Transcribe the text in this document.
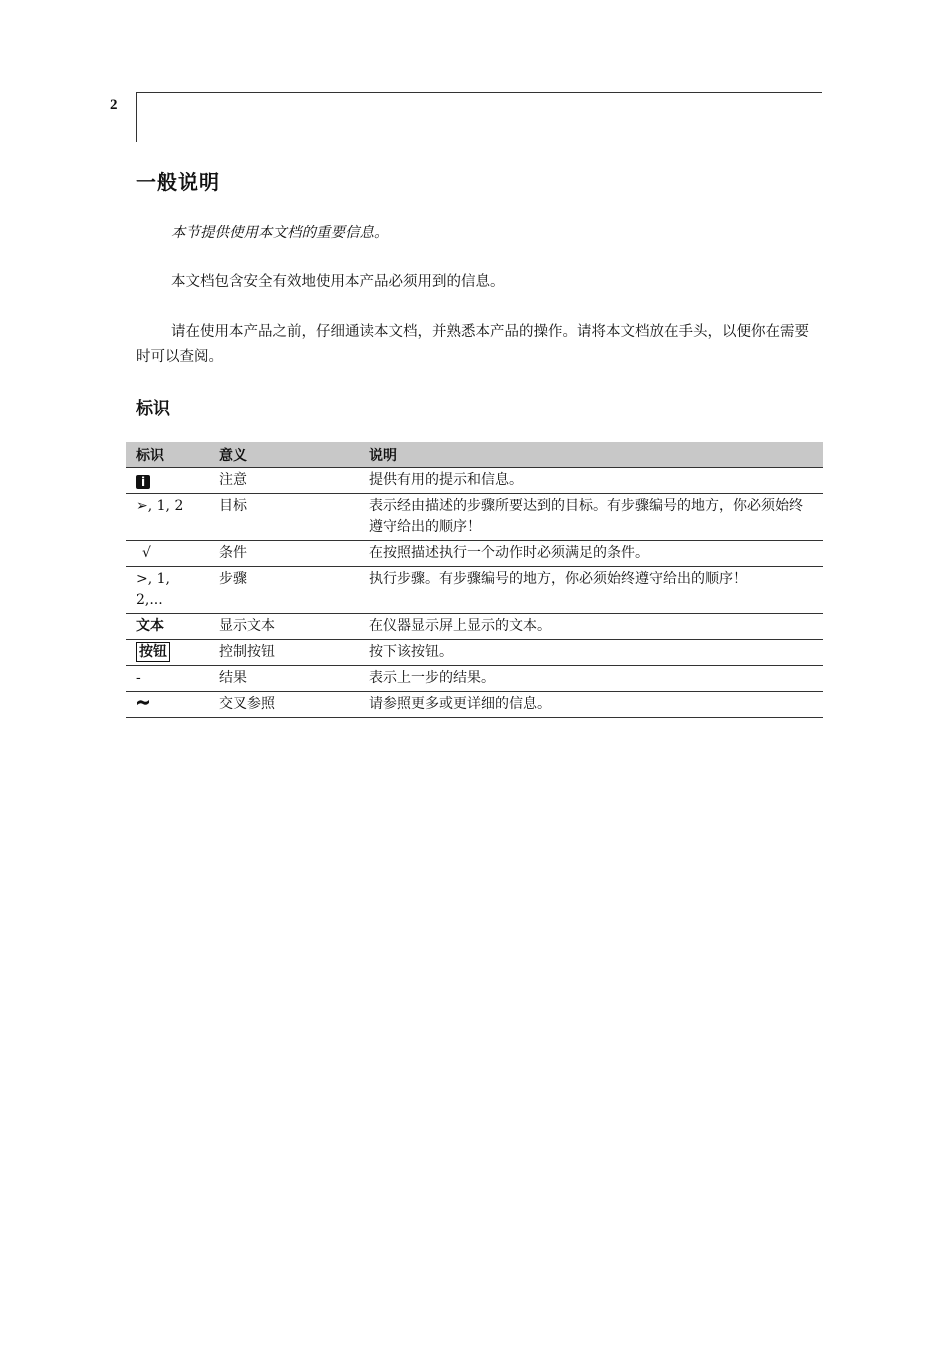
2
一般说明
本节提供使用本文档的重要信息。
本文档包含安全有效地使用本产品必须用到的信息。

请在使用本产品之前，仔细通读本文档，并熟悉本产品的操作。请将本文档放在手头，以便你在需要时可以查阅。

标识
标识	意义	说明
i	注意	提供有用的提示和信息。
➢, 1, 2	目标	表示经由描述的步骤所要达到的目标。有步骤编号的地方，你必须始终遵守给出的顺序！
√	条件	在按照描述执行一个动作时必须满足的条件。
>, 1, 2,...	步骤	执行步骤。有步骤编号的地方，你必须始终遵守给出的顺序！
文本	显示文本	在仪器显示屏上显示的文本。
按钮	控制按钮	按下该按钮。
-	结果	表示上一步的结果。
	交叉参照	请参照更多或更详细的信息。
